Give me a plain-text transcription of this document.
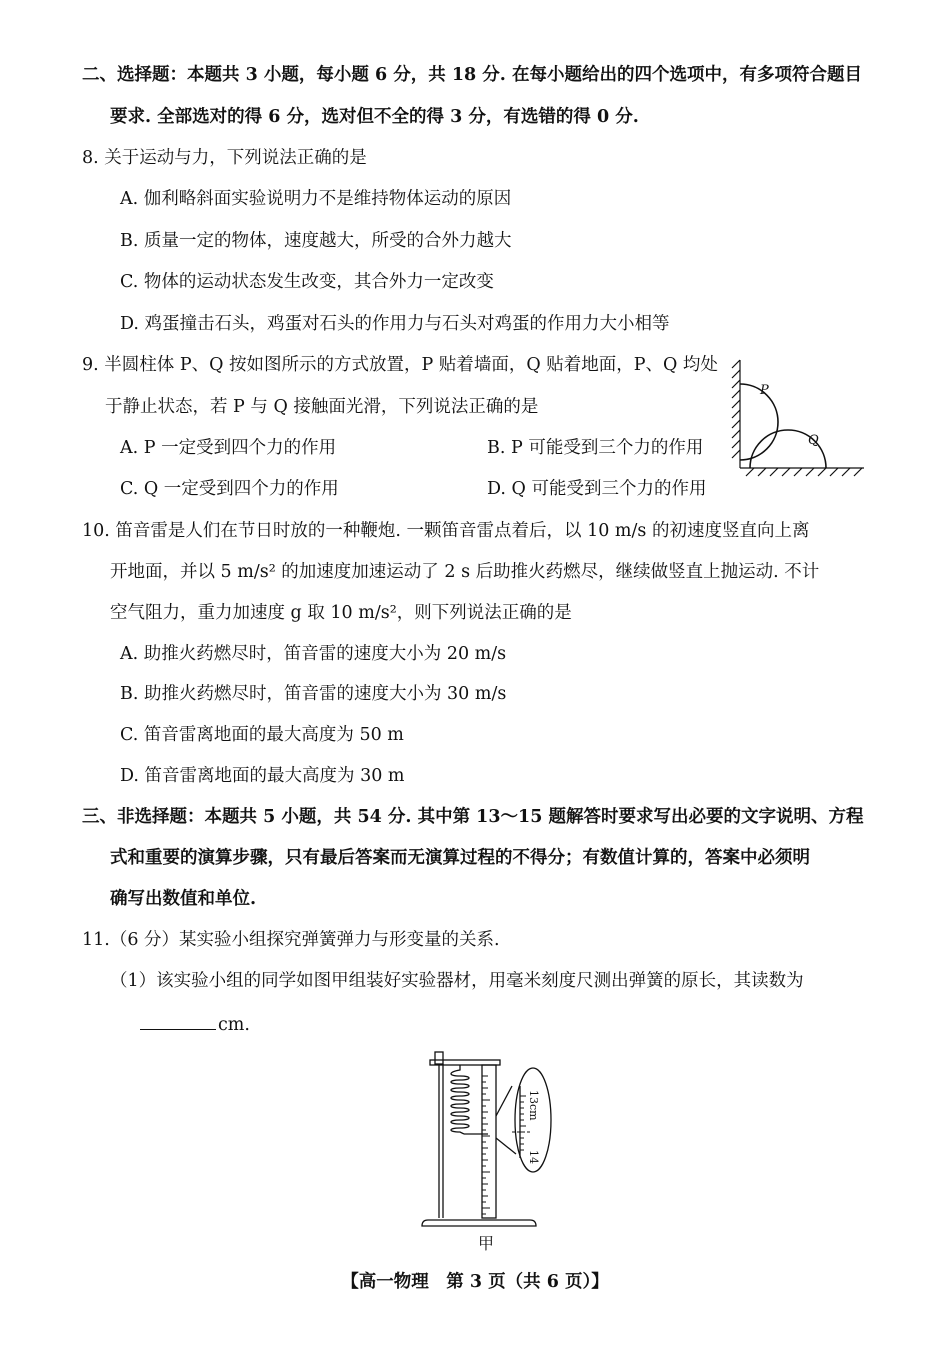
二、选择题：本题共 3 小题，每小题 6 分，共 18 分. 在每小题给出的四个选项中，有多项符合题目
要求. 全部选对的得 6 分，选对但不全的得 3 分，有选错的得 0 分.
8. 关于运动与力，下列说法正确的是
A. 伽利略斜面实验说明力不是维持物体运动的原因
B. 质量一定的物体，速度越大，所受的合外力越大
C. 物体的运动状态发生改变，其合外力一定改变
D. 鸡蛋撞击石头，鸡蛋对石头的作用力与石头对鸡蛋的作用力大小相等
9. 半圆柱体 P、Q 按如图所示的方式放置，P 贴着墙面，Q 贴着地面，P、Q 均处
于静止状态，若 P 与 Q 接触面光滑，下列说法正确的是
A. P 一定受到四个力的作用	B. P 可能受到三个力的作用
C. Q 一定受到四个力的作用	D. Q 可能受到三个力的作用
P
Q
10. 笛音雷是人们在节日时放的一种鞭炮. 一颗笛音雷点着后，以 10 m/s 的初速度竖直向上离
开地面，并以 5 m/s² 的加速度加速运动了 2 s 后助推火药燃尽，继续做竖直上抛运动. 不计
空气阻力，重力加速度 g 取 10 m/s²，则下列说法正确的是
A. 助推火药燃尽时，笛音雷的速度大小为 20 m/s
B. 助推火药燃尽时，笛音雷的速度大小为 30 m/s
C. 笛音雷离地面的最大高度为 50 m
D. 笛音雷离地面的最大高度为 30 m
三、非选择题：本题共 5 小题，共 54 分. 其中第 13～15 题解答时要求写出必要的文字说明、方程
式和重要的演算步骤，只有最后答案而无演算过程的不得分；有数值计算的，答案中必须明
确写出数值和单位.
11.（6 分）某实验小组探究弹簧弹力与形变量的关系.
（1）该实验小组的同学如图甲组装好实验器材，用毫米刻度尺测出弹簧的原长，其读数为
cm.
13cm
14
甲
【高一物理　第 3 页（共 6 页）】
